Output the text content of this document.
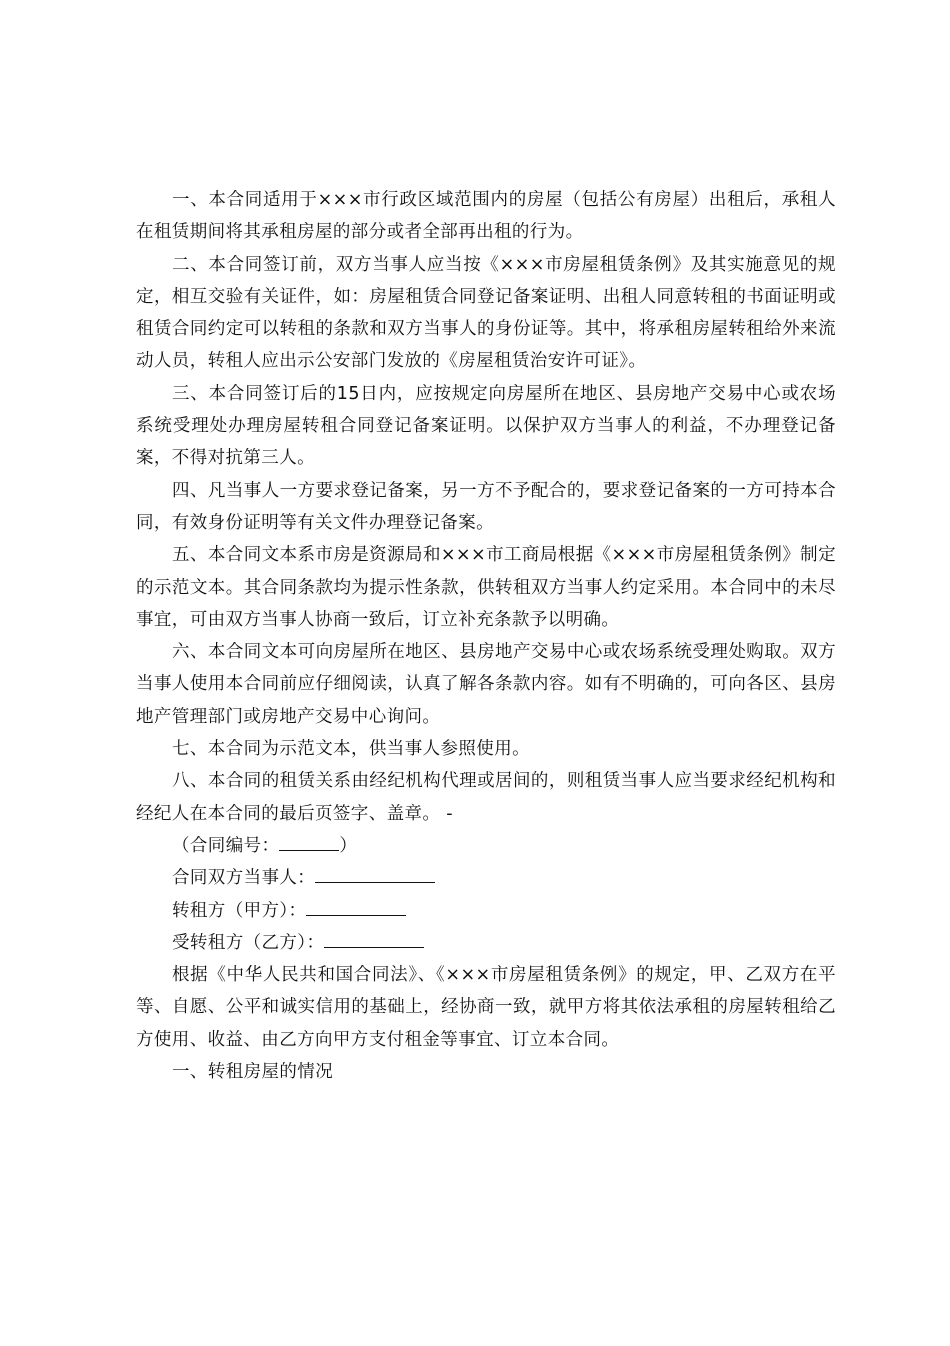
一、本合同适用于×××市行政区域范围内的房屋（包括公有房屋）出租后，承租人在租赁期间将其承租房屋的部分或者全部再出租的行为。

二、本合同签订前，双方当事人应当按《×××市房屋租赁条例》及其实施意见的规定，相互交验有关证件，如：房屋租赁合同登记备案证明、出租人同意转租的书面证明或租赁合同约定可以转租的条款和双方当事人的身份证等。其中，将承租房屋转租给外来流动人员，转租人应出示公安部门发放的《房屋租赁治安许可证》。

三、本合同签订后的15日内，应按规定向房屋所在地区、县房地产交易中心或农场系统受理处办理房屋转租合同登记备案证明。以保护双方当事人的利益，不办理登记备案，不得对抗第三人。

四、凡当事人一方要求登记备案，另一方不予配合的，要求登记备案的一方可持本合同，有效身份证明等有关文件办理登记备案。

五、本合同文本系市房是资源局和×××市工商局根据《×××市房屋租赁条例》制定的示范文本。其合同条款均为提示性条款，供转租双方当事人约定采用。本合同中的未尽事宜，可由双方当事人协商一致后，订立补充条款予以明确。

六、本合同文本可向房屋所在地区、县房地产交易中心或农场系统受理处购取。双方当事人使用本合同前应仔细阅读，认真了解各条款内容。如有不明确的，可向各区、县房地产管理部门或房地产交易中心询问。

七、本合同为示范文本，供当事人参照使用。

八、本合同的租赁关系由经纪机构代理或居间的，则租赁当事人应当要求经纪机构和经纪人在本合同的最后页签字、盖章。 -

（合同编号：	）

合同双方当事人：

转租方（甲方）：

受转租方（乙方）：

根据《中华人民共和国合同法》、《×××市房屋租赁条例》的规定，甲、乙双方在平等、自愿、公平和诚实信用的基础上，经协商一致，就甲方将其依法承租的房屋转租给乙方使用、收益、由乙方向甲方支付租金等事宜、订立本合同。

一、转租房屋的情况
